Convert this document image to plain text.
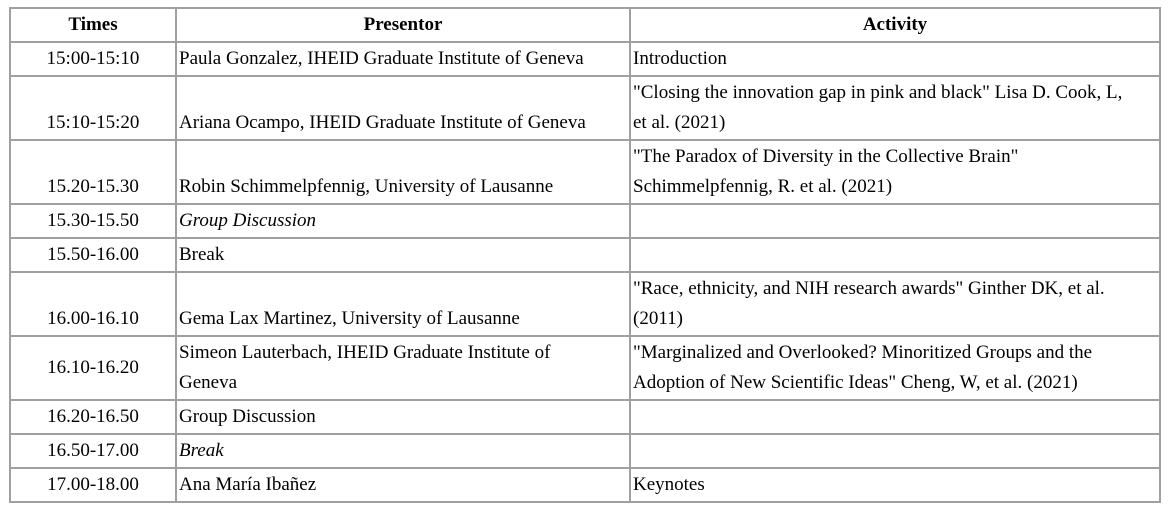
Times	Presentor	Activity
15:00-15:10	Paula Gonzalez, IHEID Graduate Institute of Geneva	Introduction
15:10-15:20	Ariana Ocampo, IHEID Graduate Institute of Geneva	"Closing the innovation gap in pink and black" Lisa D. Cook, L,
et al. (2021)
15.20-15.30	Robin Schimmelpfennig, University of Lausanne	"The Paradox of Diversity in the Collective Brain"
Schimmelpfennig, R. et al. (2021)
15.30-15.50	Group Discussion	
15.50-16.00	Break	
16.00-16.10	Gema Lax Martinez, University of Lausanne	"Race, ethnicity, and NIH research awards" Ginther DK, et al.
(2011)
16.10-16.20	Simeon Lauterbach, IHEID Graduate Institute of
Geneva	"Marginalized and Overlooked? Minoritized Groups and the
Adoption of New Scientific Ideas" Cheng, W, et al. (2021)
16.20-16.50	Group Discussion	
16.50-17.00	Break	
17.00-18.00	Ana María Ibañez	Keynotes
